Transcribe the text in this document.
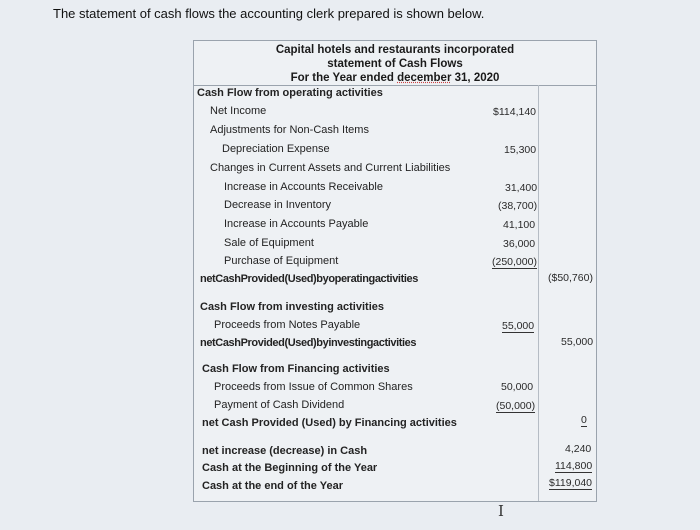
The statement of cash flows the accounting clerk prepared is shown below.
Capital hotels and restaurants incorporated
statement of Cash Flows
For the Year ended december 31, 2020
Cash Flow from operating activities
Net Income	$114,140
Adjustments for Non-Cash Items
Depreciation Expense	15,300
Changes in Current Assets and Current Liabilities
Increase in Accounts Receivable	31,400
Decrease in Inventory	(38,700)
Increase in Accounts Payable	41,100
Sale of Equipment	36,000
Purchase of Equipment	(250,000)
netCashProvided(Used)byoperatingactivities	($50,760)
Cash Flow from investing activities
Proceeds from Notes Payable	55,000
netCashProvided(Used)byinvestingactivities	55,000
Cash Flow from Financing activities
Proceeds from Issue of Common Shares	50,000
Payment of Cash Dividend	(50,000)
net Cash Provided (Used) by Financing activities	0
net increase (decrease) in Cash	4,240
Cash at the Beginning of the Year	114,800
Cash at the end of the Year	$119,040
I
